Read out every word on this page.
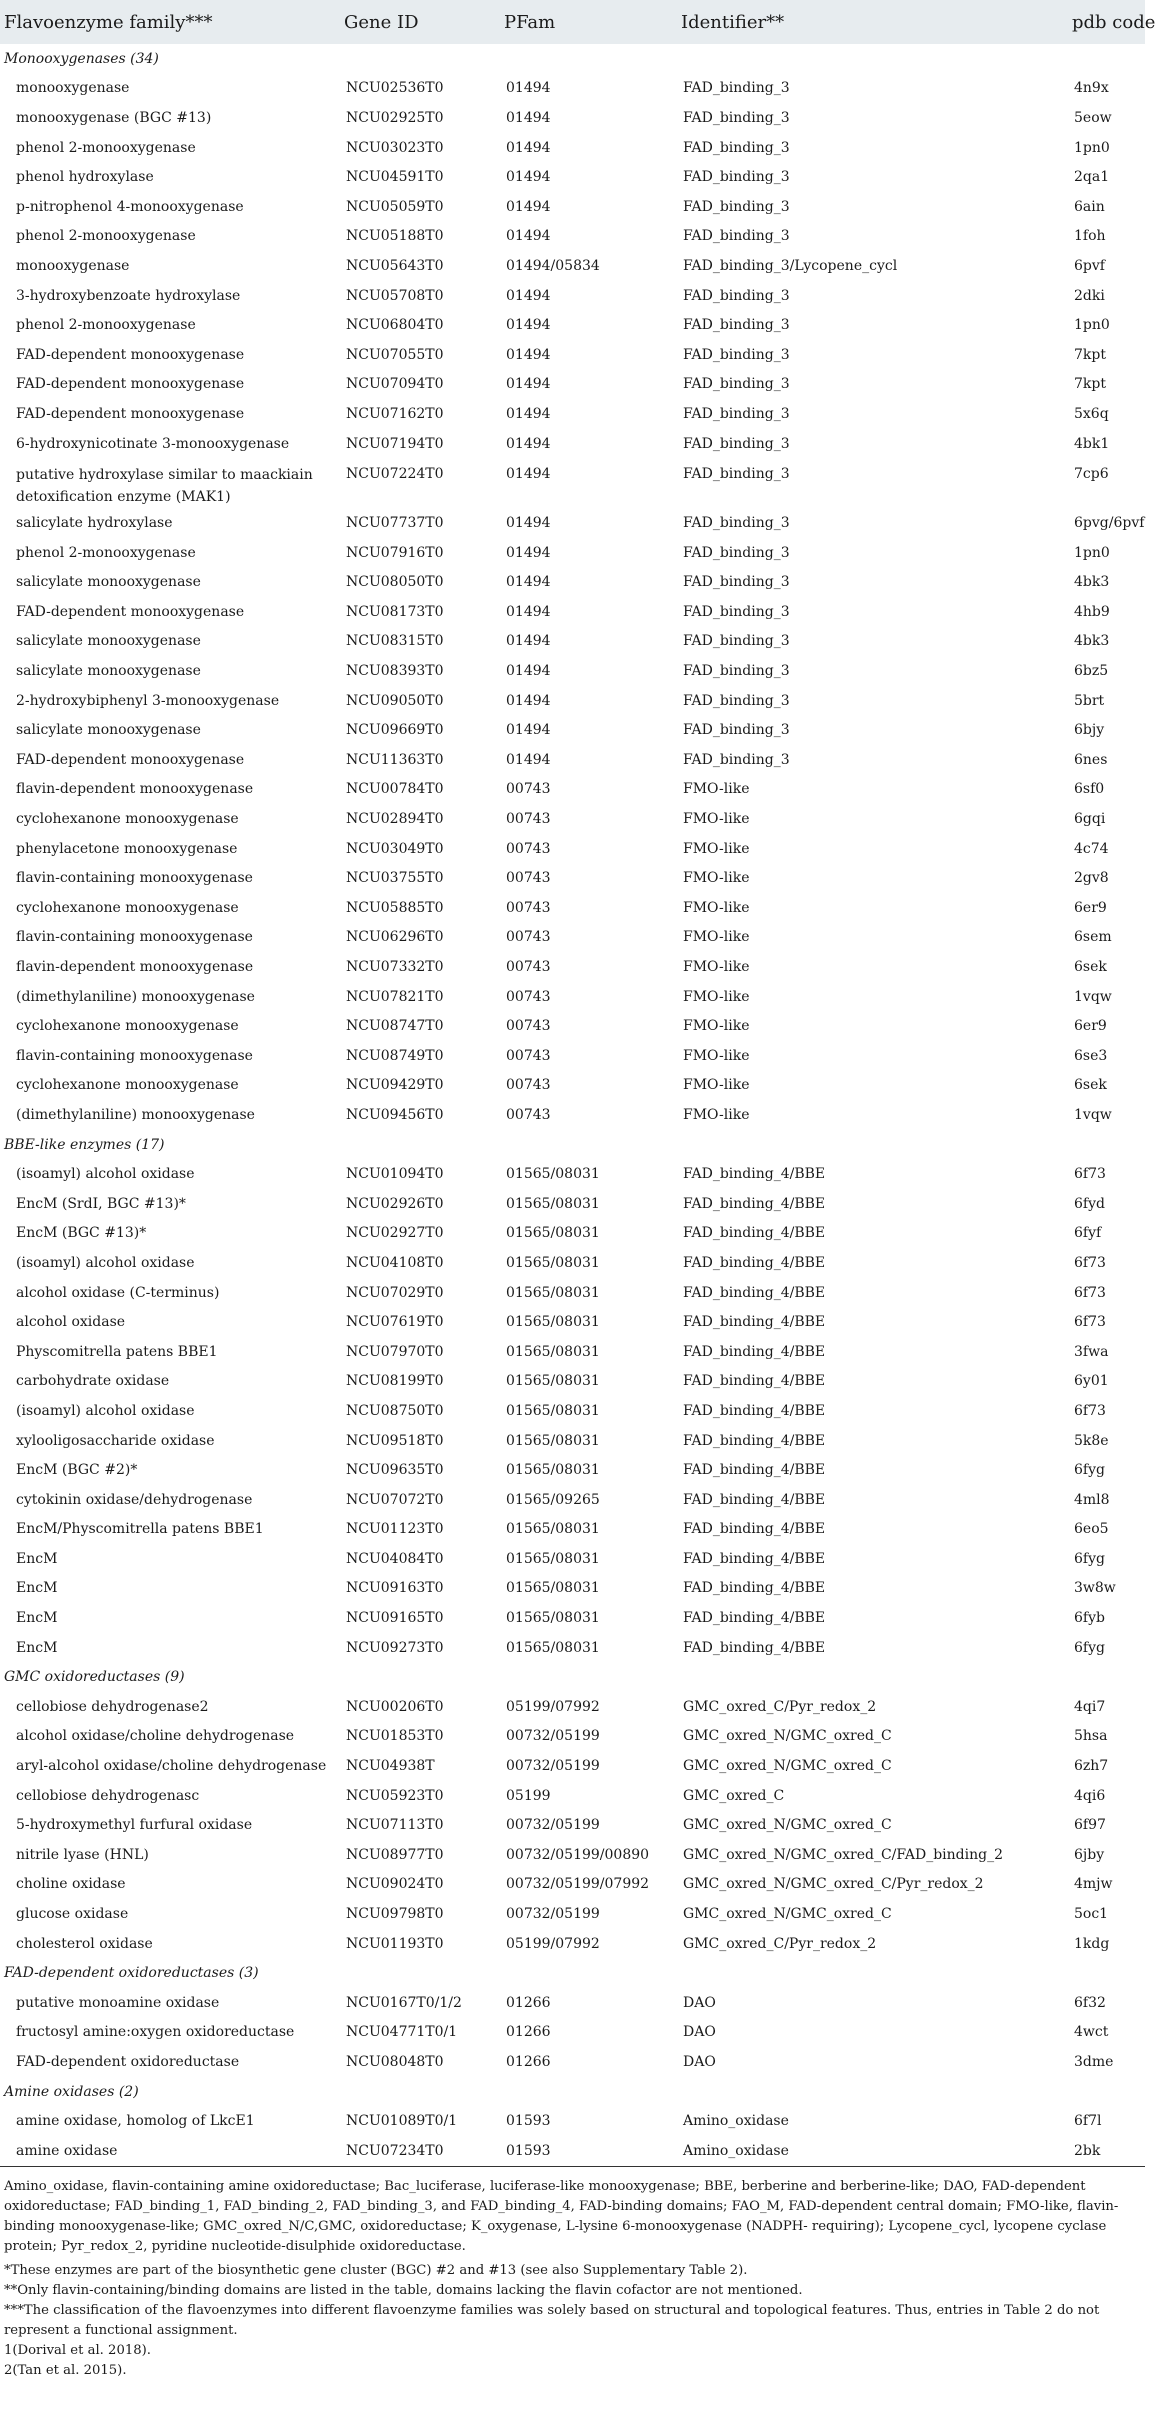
Flavoenzyme family***	Gene ID	PFam	Identifier**	pdb code
Monooxygenases (34)				
monooxygenase	NCU02536T0	01494	FAD_binding_3	4n9x
monooxygenase (BGC #13)	NCU02925T0	01494	FAD_binding_3	5eow
phenol 2-monooxygenase	NCU03023T0	01494	FAD_binding_3	1pn0
phenol hydroxylase	NCU04591T0	01494	FAD_binding_3	2qa1
p-nitrophenol 4-monooxygenase	NCU05059T0	01494	FAD_binding_3	6ain
phenol 2-monooxygenase	NCU05188T0	01494	FAD_binding_3	1foh
monooxygenase	NCU05643T0	01494/05834	FAD_binding_3/Lycopene_cycl	6pvf
3-hydroxybenzoate hydroxylase	NCU05708T0	01494	FAD_binding_3	2dki
phenol 2-monooxygenase	NCU06804T0	01494	FAD_binding_3	1pn0
FAD-dependent monooxygenase	NCU07055T0	01494	FAD_binding_3	7kpt
FAD-dependent monooxygenase	NCU07094T0	01494	FAD_binding_3	7kpt
FAD-dependent monooxygenase	NCU07162T0	01494	FAD_binding_3	5x6q
6-hydroxynicotinate 3-monooxygenase	NCU07194T0	01494	FAD_binding_3	4bk1
putative hydroxylase similar to maackiain detoxification enzyme (MAK1)	NCU07224T0	01494	FAD_binding_3	7cp6
salicylate hydroxylase	NCU07737T0	01494	FAD_binding_3	6pvg/6pvf
phenol 2-monooxygenase	NCU07916T0	01494	FAD_binding_3	1pn0
salicylate monooxygenase	NCU08050T0	01494	FAD_binding_3	4bk3
FAD-dependent monooxygenase	NCU08173T0	01494	FAD_binding_3	4hb9
salicylate monooxygenase	NCU08315T0	01494	FAD_binding_3	4bk3
salicylate monooxygenase	NCU08393T0	01494	FAD_binding_3	6bz5
2-hydroxybiphenyl 3-monooxygenase	NCU09050T0	01494	FAD_binding_3	5brt
salicylate monooxygenase	NCU09669T0	01494	FAD_binding_3	6bjy
FAD-dependent monooxygenase	NCU11363T0	01494	FAD_binding_3	6nes
flavin-dependent monooxygenase	NCU00784T0	00743	FMO-like	6sf0
cyclohexanone monooxygenase	NCU02894T0	00743	FMO-like	6gqi
phenylacetone monooxygenase	NCU03049T0	00743	FMO-like	4c74
flavin-containing monooxygenase	NCU03755T0	00743	FMO-like	2gv8
cyclohexanone monooxygenase	NCU05885T0	00743	FMO-like	6er9
flavin-containing monooxygenase	NCU06296T0	00743	FMO-like	6sem
flavin-dependent monooxygenase	NCU07332T0	00743	FMO-like	6sek
(dimethylaniline) monooxygenase	NCU07821T0	00743	FMO-like	1vqw
cyclohexanone monooxygenase	NCU08747T0	00743	FMO-like	6er9
flavin-containing monooxygenase	NCU08749T0	00743	FMO-like	6se3
cyclohexanone monooxygenase	NCU09429T0	00743	FMO-like	6sek
(dimethylaniline) monooxygenase	NCU09456T0	00743	FMO-like	1vqw
BBE-like enzymes (17)				
(isoamyl) alcohol oxidase	NCU01094T0	01565/08031	FAD_binding_4/BBE	6f73
EncM (SrdI, BGC #13)*	NCU02926T0	01565/08031	FAD_binding_4/BBE	6fyd
EncM (BGC #13)*	NCU02927T0	01565/08031	FAD_binding_4/BBE	6fyf
(isoamyl) alcohol oxidase	NCU04108T0	01565/08031	FAD_binding_4/BBE	6f73
alcohol oxidase (C-terminus)	NCU07029T0	01565/08031	FAD_binding_4/BBE	6f73
alcohol oxidase	NCU07619T0	01565/08031	FAD_binding_4/BBE	6f73
Physcomitrella patens BBE1	NCU07970T0	01565/08031	FAD_binding_4/BBE	3fwa
carbohydrate oxidase	NCU08199T0	01565/08031	FAD_binding_4/BBE	6y01
(isoamyl) alcohol oxidase	NCU08750T0	01565/08031	FAD_binding_4/BBE	6f73
xylooligosaccharide oxidase	NCU09518T0	01565/08031	FAD_binding_4/BBE	5k8e
EncM (BGC #2)*	NCU09635T0	01565/08031	FAD_binding_4/BBE	6fyg
cytokinin oxidase/dehydrogenase	NCU07072T0	01565/09265	FAD_binding_4/BBE	4ml8
EncM/Physcomitrella patens BBE1	NCU01123T0	01565/08031	FAD_binding_4/BBE	6eo5
EncM	NCU04084T0	01565/08031	FAD_binding_4/BBE	6fyg
EncM	NCU09163T0	01565/08031	FAD_binding_4/BBE	3w8w
EncM	NCU09165T0	01565/08031	FAD_binding_4/BBE	6fyb
EncM	NCU09273T0	01565/08031	FAD_binding_4/BBE	6fyg
GMC oxidoreductases (9)				
cellobiose dehydrogenase2	NCU00206T0	05199/07992	GMC_oxred_C/Pyr_redox_2	4qi7
alcohol oxidase/choline dehydrogenase	NCU01853T0	00732/05199	GMC_oxred_N/GMC_oxred_C	5hsa
aryl-alcohol oxidase/choline dehydrogenase	NCU04938T	00732/05199	GMC_oxred_N/GMC_oxred_C	6zh7
cellobiose dehydrogenasc	NCU05923T0	05199	GMC_oxred_C	4qi6
5-hydroxymethyl furfural oxidase	NCU07113T0	00732/05199	GMC_oxred_N/GMC_oxred_C	6f97
nitrile lyase (HNL)	NCU08977T0	00732/05199/00890	GMC_oxred_N/GMC_oxred_C/FAD_binding_2	6jby
choline oxidase	NCU09024T0	00732/05199/07992	GMC_oxred_N/GMC_oxred_C/Pyr_redox_2	4mjw
glucose oxidase	NCU09798T0	00732/05199	GMC_oxred_N/GMC_oxred_C	5oc1
cholesterol oxidase	NCU01193T0	05199/07992	GMC_oxred_C/Pyr_redox_2	1kdg
FAD-dependent oxidoreductases (3)				
putative monoamine oxidase	NCU0167T0/1/2	01266	DAO	6f32
fructosyl amine:oxygen oxidoreductase	NCU04771T0/1	01266	DAO	4wct
FAD-dependent oxidoreductase	NCU08048T0	01266	DAO	3dme
Amine oxidases (2)				
amine oxidase, homolog of LkcE1	NCU01089T0/1	01593	Amino_oxidase	6f7l
amine oxidase	NCU07234T0	01593	Amino_oxidase	2bk

Amino_oxidase, flavin-containing amine oxidoreductase; Bac_luciferase, luciferase-like monooxygenase; BBE, berberine and berberine-like; DAO, FAD-dependent oxidoreductase; FAD_binding_1, FAD_binding_2, FAD_binding_3, and FAD_binding_4, FAD-binding domains; FAO_M, FAD-dependent central domain; FMO-like, flavin-binding monooxygenase-like; GMC_oxred_N/C,GMC, oxidoreductase; K_oxygenase, L-lysine 6-monooxygenase (NADPH- requiring); Lycopene_cycl, lycopene cyclase protein; Pyr_redox_2, pyridine nucleotide-disulphide oxidoreductase.

*These enzymes are part of the biosynthetic gene cluster (BGC) #2 and #13 (see also Supplementary Table 2).

**Only flavin-containing/binding domains are listed in the table, domains lacking the flavin cofactor are not mentioned.

***The classification of the flavoenzymes into different flavoenzyme families was solely based on structural and topological features. Thus, entries in Table 2 do not represent a functional assignment.

1(Dorival et al. 2018).

2(Tan et al. 2015).
